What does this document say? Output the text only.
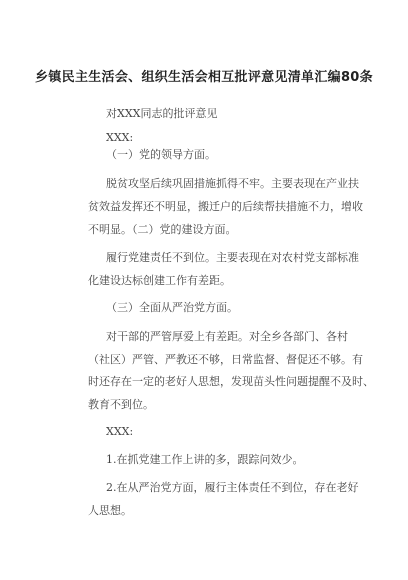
乡镇民主生活会、组织生活会相互批评意见清单汇编80条
对XXX同志的批评意见
XXX:
（一）党的领导方面。
脱贫攻坚后续巩固措施抓得不牢。主要表现在产业扶
贫效益发挥还不明显，搬迁户的后续帮扶措施不力，增收
不明显。（二）党的建设方面。
履行党建责任不到位。主要表现在对农村党支部标准
化建设达标创建工作有差距。
（三）全面从严治党方面。
对干部的严管厚爱上有差距。对全乡各部门、各村
（社区）严管、严教还不够，日常监督、督促还不够。有
时还存在一定的老好人思想，发现苗头性问题提醒不及时、
教育不到位。
XXX:
1.在抓党建工作上讲的多，跟踪问效少。
2.在从严治党方面，履行主体责任不到位，存在老好
人思想。
